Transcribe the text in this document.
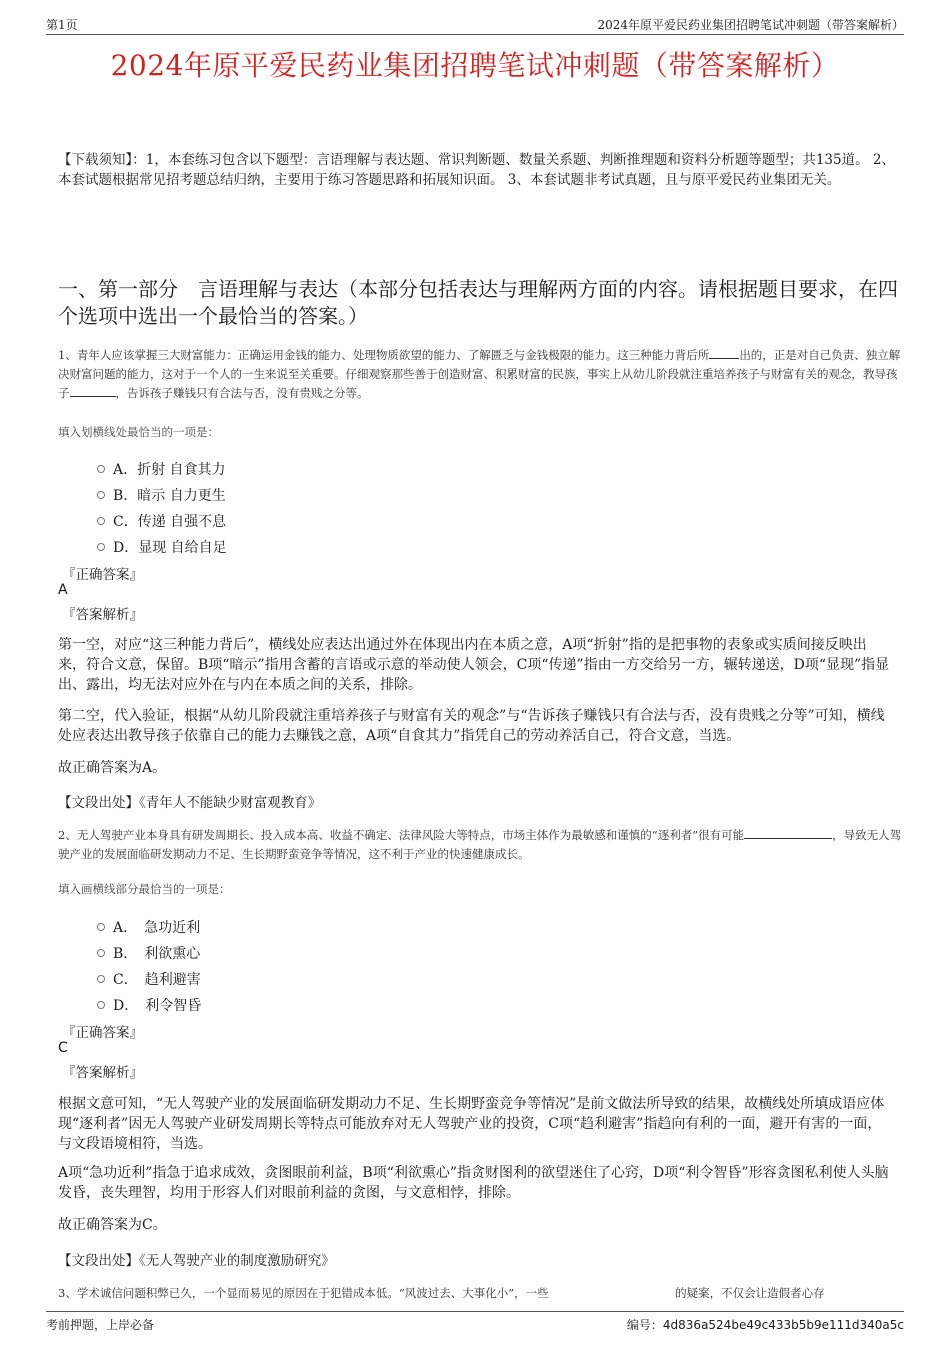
第1页	2024年原平爱民药业集团招聘笔试冲刺题（带答案解析）
2024年原平爱民药业集团招聘笔试冲刺题（带答案解析）
【下载须知】：1，本套练习包含以下题型：言语理解与表达题、常识判断题、数量关系题、判断推理题和资料分析题等题型；共135道。 2、本套试题根据常见招考题总结归纳，主要用于练习答题思路和拓展知识面。 3、本套试题非考试真题，且与原平爱民药业集团无关。
一、第一部分　言语理解与表达（本部分包括表达与理解两方面的内容。请根据题目要求，在四个选项中选出一个最恰当的答案。）
1、青年人应该掌握三大财富能力：正确运用金钱的能力、处理物质欲望的能力、了解匮乏与金钱极限的能力。这三种能力背后所	出的，正是对自己负责、独立解决财富问题的能力，这对于一个人的一生来说至关重要。仔细观察那些善于创造财富、积累财富的民族，事实上从幼儿阶段就注重培养孩子与财富有关的观念，教导孩子	，告诉孩子赚钱只有合法与否，没有贵贱之分等。
填入划横线处最恰当的一项是：
A．折射 自食其力
B．暗示 自力更生
C．传递 自强不息
D．显现 自给自足
『正确答案』
A
『答案解析』
第一空，对应“这三种能力背后”，横线处应表达出通过外在体现出内在本质之意，A项“折射”指的是把事物的表象或实质间接反映出来，符合文意，保留。B项“暗示”指用含蓄的言语或示意的举动使人领会，C项“传递”指由一方交给另一方，辗转递送，D项“显现”指显出、露出，均无法对应外在与内在本质之间的关系，排除。
第二空，代入验证，根据“从幼儿阶段就注重培养孩子与财富有关的观念”与“告诉孩子赚钱只有合法与否，没有贵贱之分等”可知，横线处应表达出教导孩子依靠自己的能力去赚钱之意，A项“自食其力”指凭自己的劳动养活自己，符合文意，当选。
故正确答案为A。
【文段出处】《青年人不能缺少财富观教育》
2、无人驾驶产业本身具有研发周期长、投入成本高、收益不确定、法律风险大等特点，市场主体作为最敏感和谨慎的“逐利者”很有可能	，导致无人驾驶产业的发展面临研发期动力不足、生长期野蛮竞争等情况，这不利于产业的快速健康成长。
填入画横线部分最恰当的一项是：
A．　急功近利
B．　利欲熏心
C．　趋利避害
D．　利令智昏
『正确答案』
C
『答案解析』
根据文意可知，“无人驾驶产业的发展面临研发期动力不足、生长期野蛮竞争等情况”是前文做法所导致的结果，故横线处所填成语应体现“逐利者”因无人驾驶产业研发周期长等特点可能放弃对无人驾驶产业的投资，C项“趋利避害”指趋向有利的一面，避开有害的一面，与文段语境相符，当选。
A项“急功近利”指急于追求成效，贪图眼前利益，B项“利欲熏心”指贪财图利的欲望迷住了心窍，D项“利令智昏”形容贪图私利使人头脑发昏，丧失理智，均用于形容人们对眼前利益的贪图，与文意相悖，排除。
故正确答案为C。
【文段出处】《无人驾驶产业的制度激励研究》
3、学术诚信问题积弊已久，一个显而易见的原因在于犯错成本低。“风波过去、大事化小”，一些　　　　　　　　　　　的疑案，不仅会让造假者心存
考前押题，上岸必备	编号：4d836a524be49c433b5b9e111d340a5c
